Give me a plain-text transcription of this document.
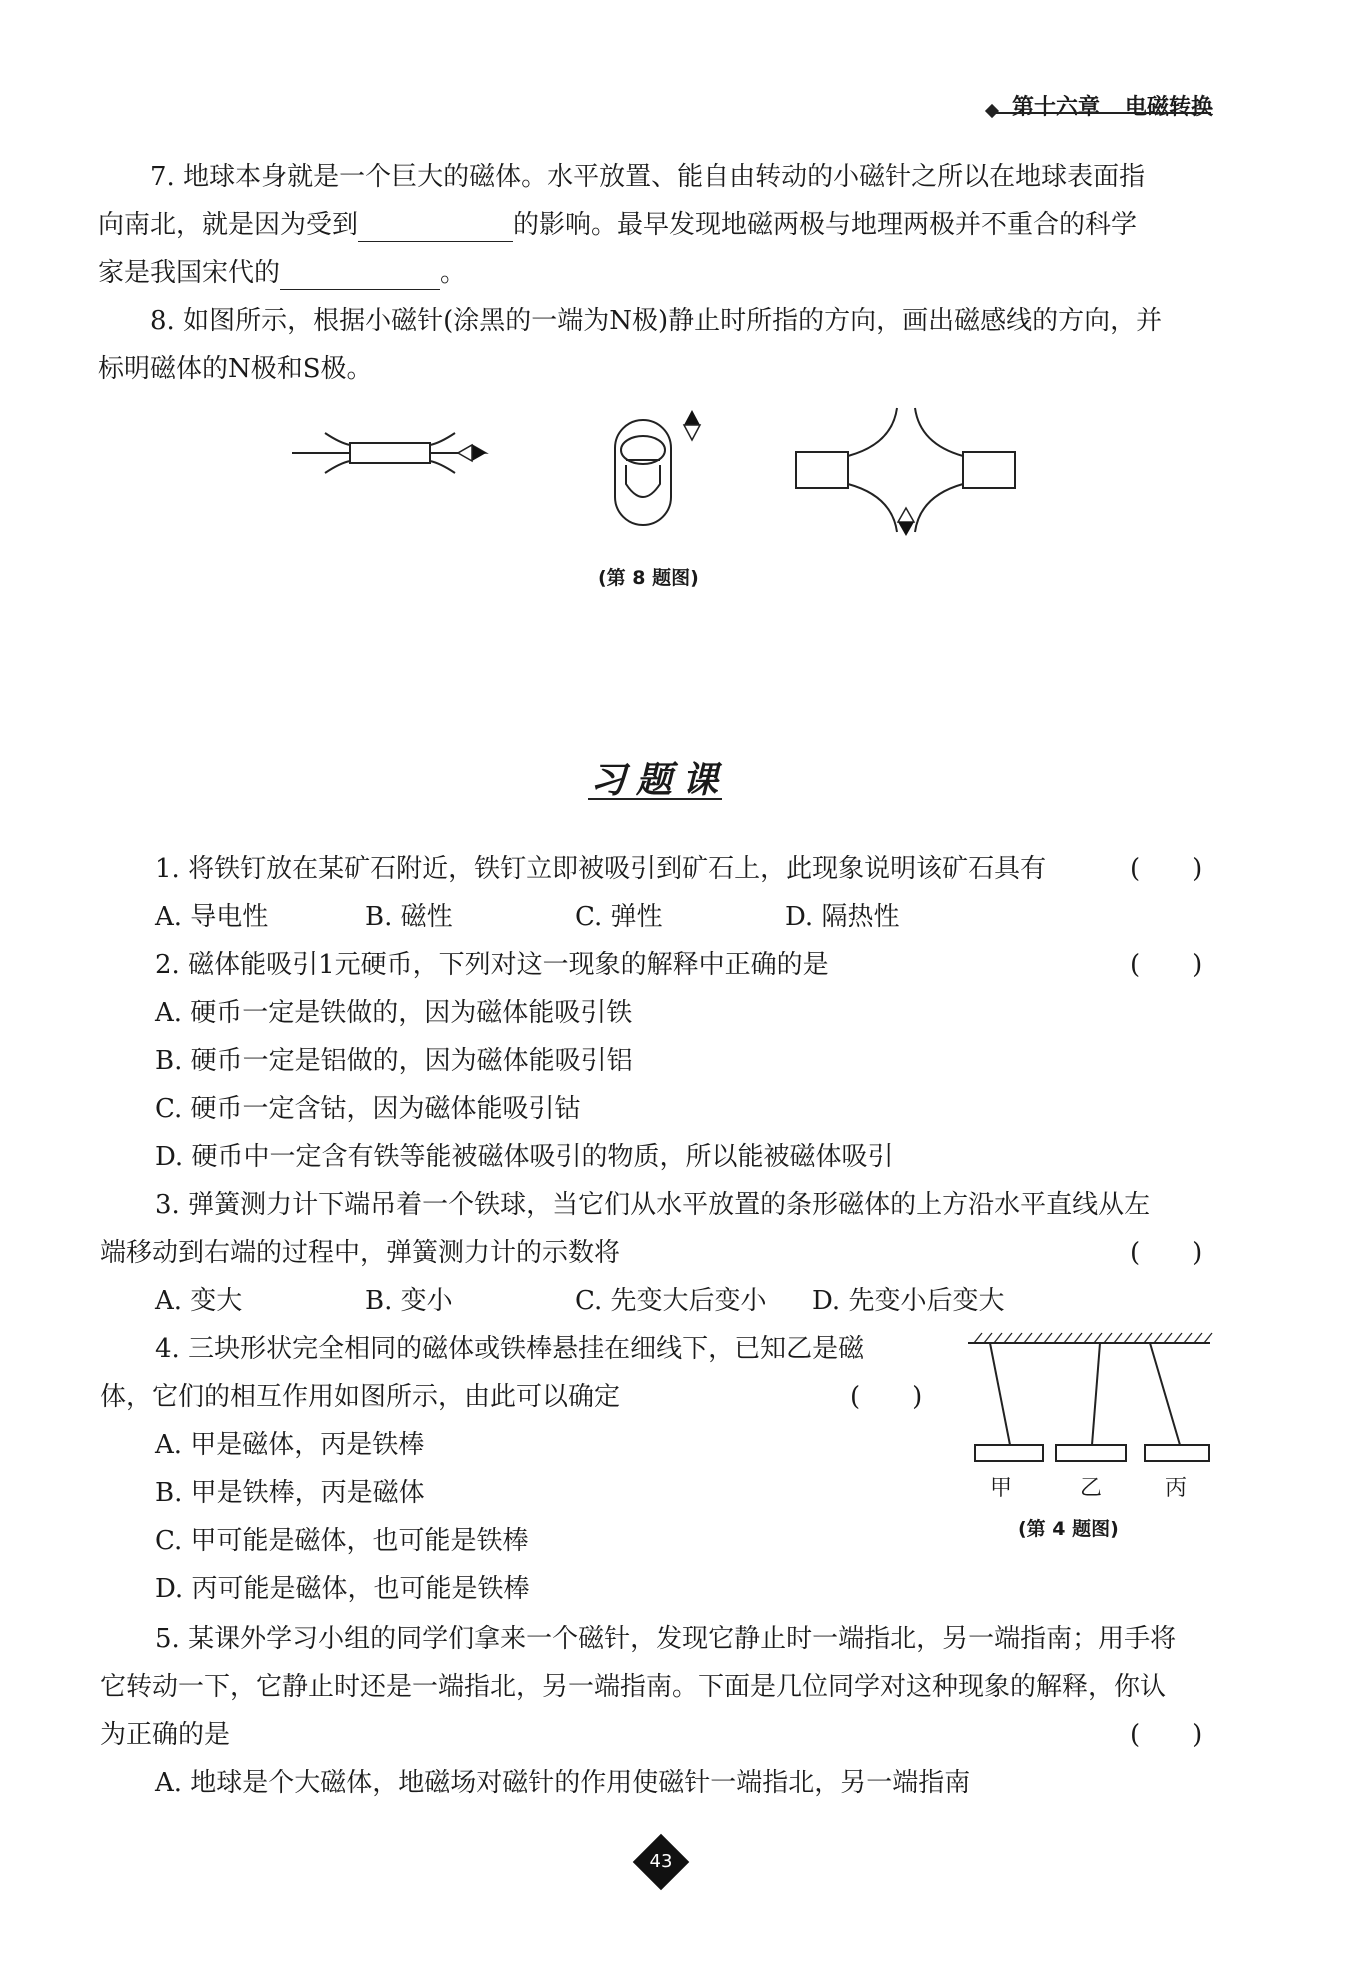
第十六章 电磁转换
7. 地球本身就是一个巨大的磁体。水平放置、能自由转动的小磁针之所以在地球表面指
向南北，就是因为受到	的影响。最早发现地磁两极与地理两极并不重合的科学
家是我国宋代的	。
8. 如图所示，根据小磁针(涂黑的一端为N极)静止时所指的方向，画出磁感线的方向，并
标明磁体的N极和S极。
(第 8 题图)
习题课
1. 将铁钉放在某矿石附近，铁钉立即被吸引到矿石上，此现象说明该矿石具有	(　　)
A. 导电性	B. 磁性	C. 弹性	D. 隔热性
2. 磁体能吸引1元硬币，下列对这一现象的解释中正确的是	(　　)
A. 硬币一定是铁做的，因为磁体能吸引铁
B. 硬币一定是铝做的，因为磁体能吸引铝
C. 硬币一定含钴，因为磁体能吸引钴
D. 硬币中一定含有铁等能被磁体吸引的物质，所以能被磁体吸引
3. 弹簧测力计下端吊着一个铁球，当它们从水平放置的条形磁体的上方沿水平直线从左
端移动到右端的过程中，弹簧测力计的示数将	(　　)
A. 变大	B. 变小	C. 先变大后变小 D. 先变小后变大
4. 三块形状完全相同的磁体或铁棒悬挂在细线下，已知乙是磁
体，它们的相互作用如图所示，由此可以确定	(　　)
A. 甲是磁体，丙是铁棒
B. 甲是铁棒，丙是磁体
C. 甲可能是磁体，也可能是铁棒
D. 丙可能是磁体，也可能是铁棒
甲	乙	丙
(第 4 题图)
5. 某课外学习小组的同学们拿来一个磁针，发现它静止时一端指北，另一端指南；用手将
它转动一下，它静止时还是一端指北，另一端指南。下面是几位同学对这种现象的解释，你认
为正确的是	(　　)
A. 地球是个大磁体，地磁场对磁针的作用使磁针一端指北，另一端指南
43
